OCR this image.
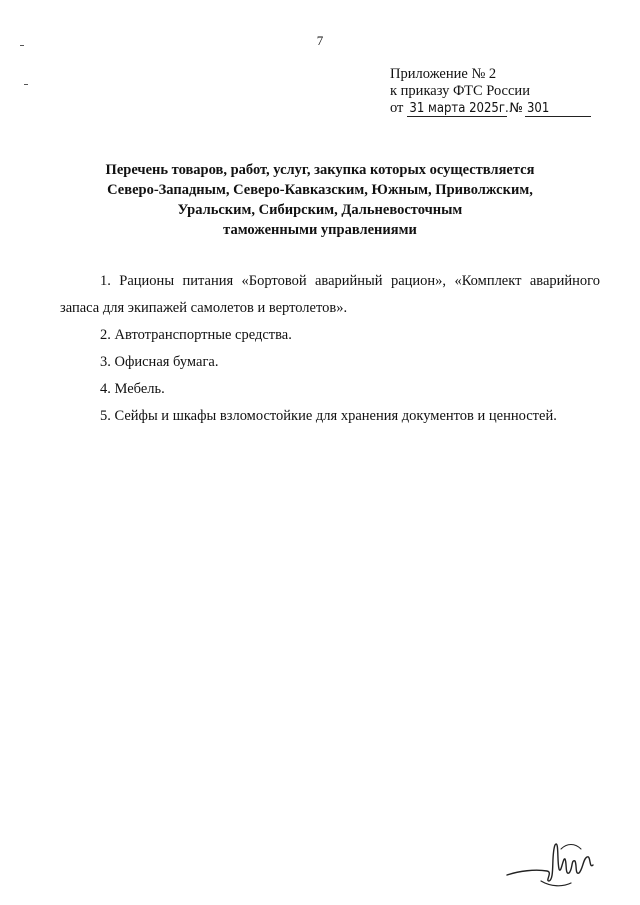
7
Приложение № 2
к приказу ФТС России
от 31 марта 2025г. № 301
Перечень товаров, работ, услуг, закупка которых осуществляется
Северо-Западным, Северо-Кавказским, Южным, Приволжским,
Уральским, Сибирским, Дальневосточным
таможенными управлениями
1. Рационы питания «Бортовой аварийный рацион», «Комплект аварийного
запаса для экипажей самолетов и вертолетов».
2. Автотранспортные средства.
3. Офисная бумага.
4. Мебель.
5. Сейфы и шкафы взломостойкие для хранения документов и ценностей.
